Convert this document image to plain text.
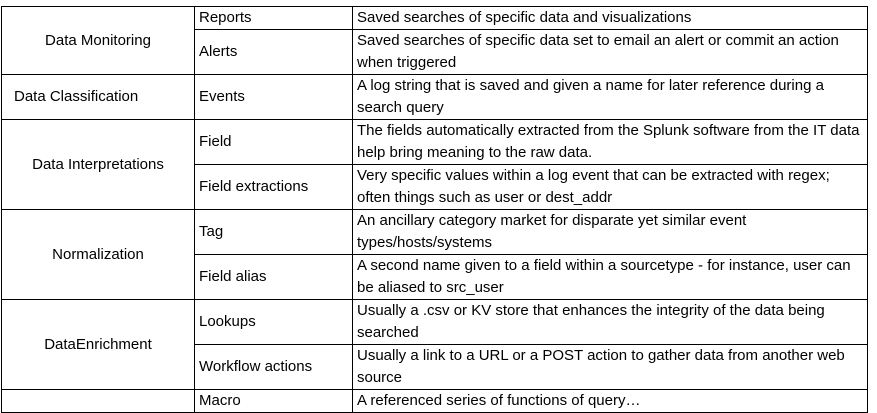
Data Monitoring	Reports	Saved searches of specific data and visualizations
	Alerts	Saved searches of specific data set to email an alert or commit an action when triggered
Data Classification	Events	A log string that is saved and given a name for later reference during a search query
Data Interpretations	Field	The fields automatically extracted from the Splunk software from the IT data help bring meaning to the raw data.
	Field extractions	Very specific values within a log event that can be extracted with regex; often things such as user or dest_addr
Normalization	Tag	An ancillary category market for disparate yet similar event types/hosts/systems
	Field alias	A second name given to a field within a sourcetype - for instance, user can be aliased to src_user
DataEnrichment	Lookups	Usually a .csv or KV store that enhances the integrity of the data being searched
	Workflow actions	Usually a link to a URL or a POST action to gather data from another web source
	Macro	A referenced series of functions of query…
